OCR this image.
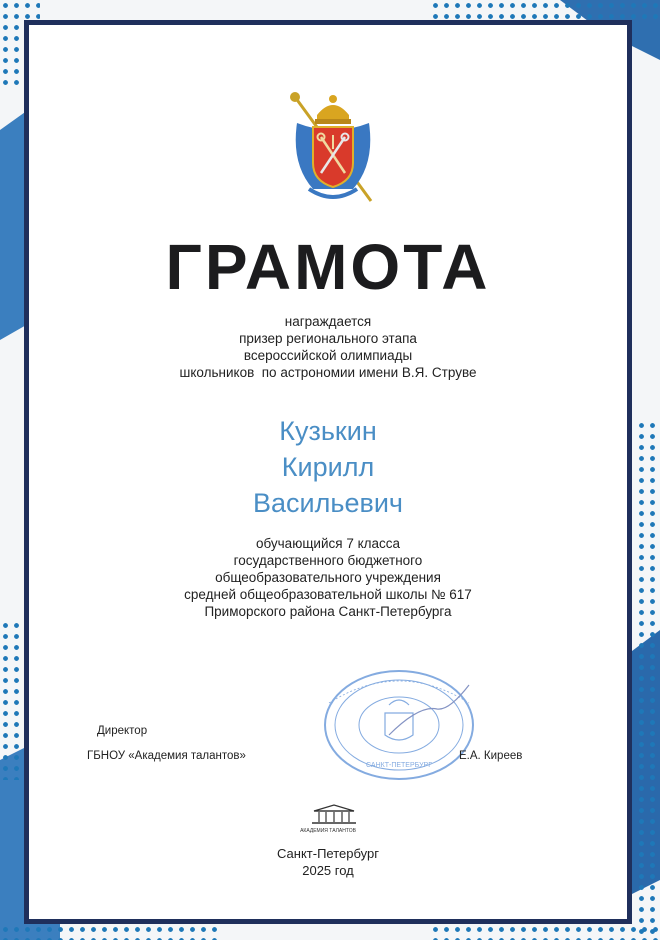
ГРАМОТА
награждается
призер регионального этапа
всероссийской олимпиады
школьников  по астрономии имени В.Я. Струве
Кузькин
Кирилл
Васильевич
обучающийся 7 класса
государственного бюджетного
общеобразовательного учреждения
средней общеобразовательной школы № 617
Приморского района Санкт-Петербурга
САНКТ-ПЕТЕРБУРГ
Директор
ГБНОУ «Академия талантов»	Е.А. Киреев
АКАДЕМИЯ ТАЛАНТОВ
Санкт-Петербург
2025 год
